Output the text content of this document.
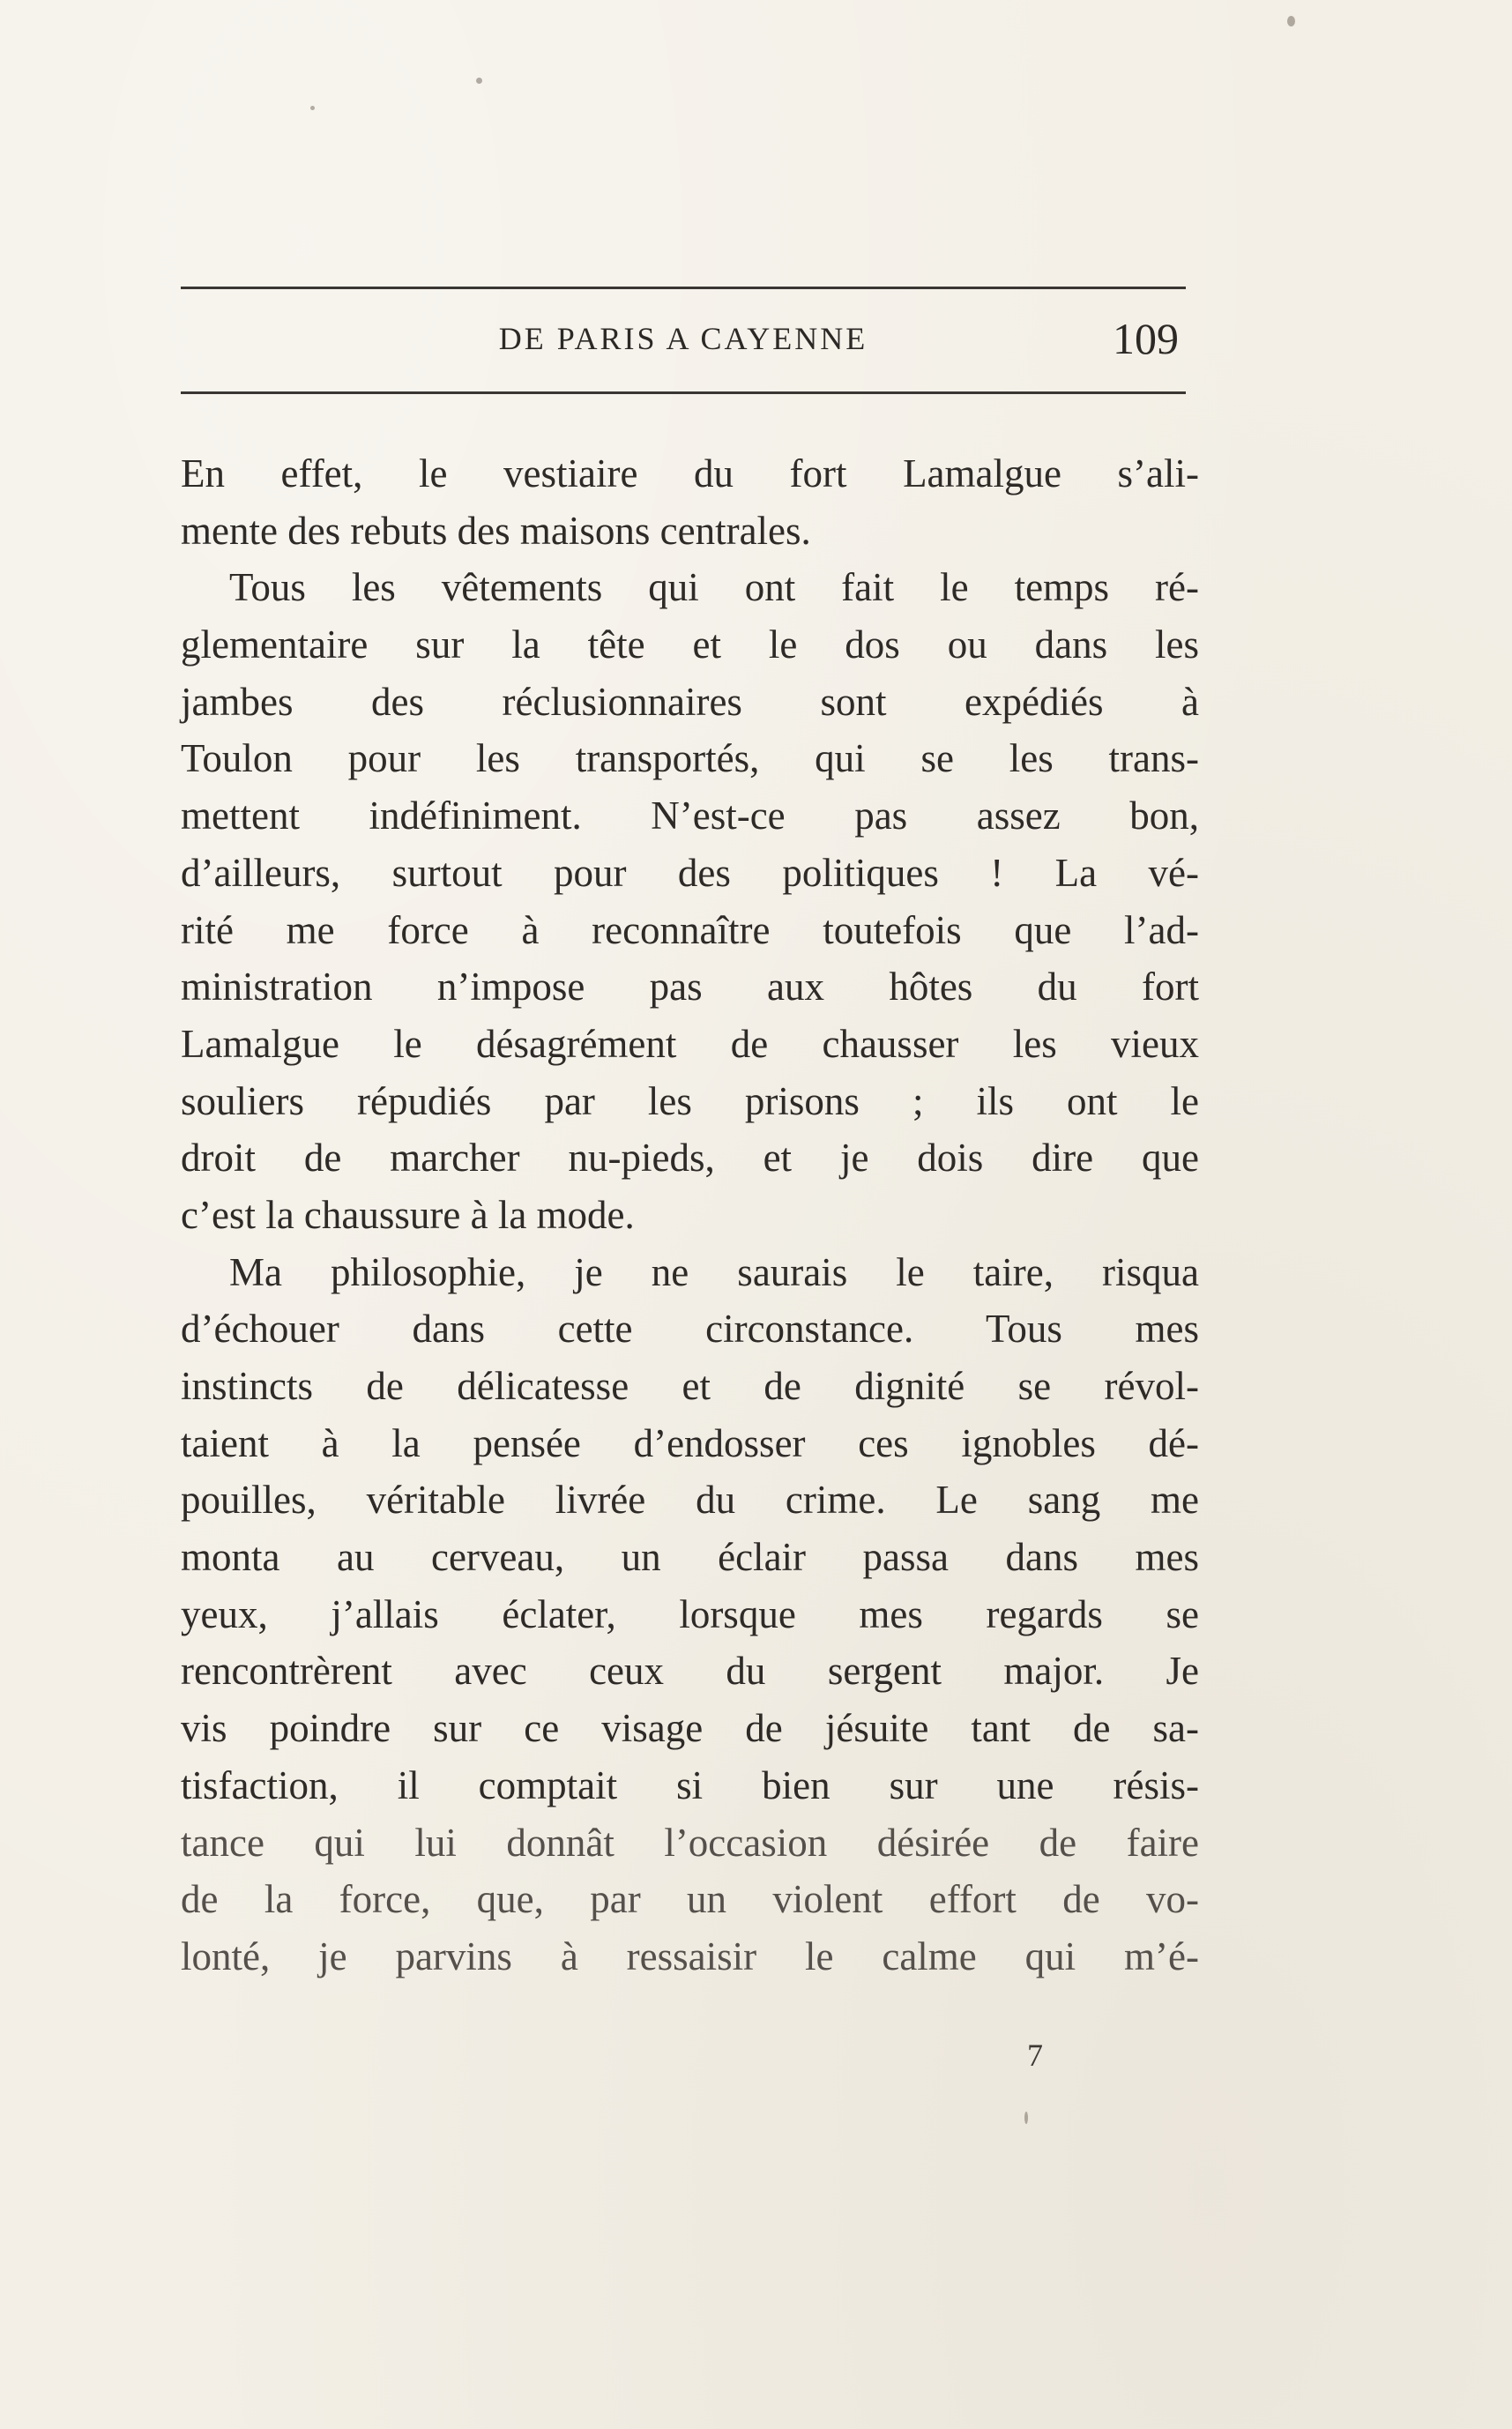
DE PARIS A CAYENNE	109
En effet, le vestiaire du fort Lamalgue s’ali-
mente des rebuts des maisons centrales.
Tous les vêtements qui ont fait le temps ré-
glementaire sur la tête et le dos ou dans les
jambes des réclusionnaires sont expédiés à
Toulon pour les transportés, qui se les trans-
mettent indéfiniment. N’est-ce pas assez bon,
d’ailleurs, surtout pour des politiques ! La vé-
rité me force à reconnaître toutefois que l’ad-
ministration n’impose pas aux hôtes du fort
Lamalgue le désagrément de chausser les vieux
souliers répudiés par les prisons ; ils ont le
droit de marcher nu-pieds, et je dois dire que
c’est la chaussure à la mode.
Ma philosophie, je ne saurais le taire, risqua
d’échouer dans cette circonstance. Tous mes
instincts de délicatesse et de dignité se révol-
taient à la pensée d’endosser ces ignobles dé-
pouilles, véritable livrée du crime. Le sang me
monta au cerveau, un éclair passa dans mes
yeux, j’allais éclater, lorsque mes regards se
rencontrèrent avec ceux du sergent major. Je
vis poindre sur ce visage de jésuite tant de sa-
tisfaction, il comptait si bien sur une résis-
tance qui lui donnât l’occasion désirée de faire
de la force, que, par un violent effort de vo-
lonté, je parvins à ressaisir le calme qui m’é-
7
